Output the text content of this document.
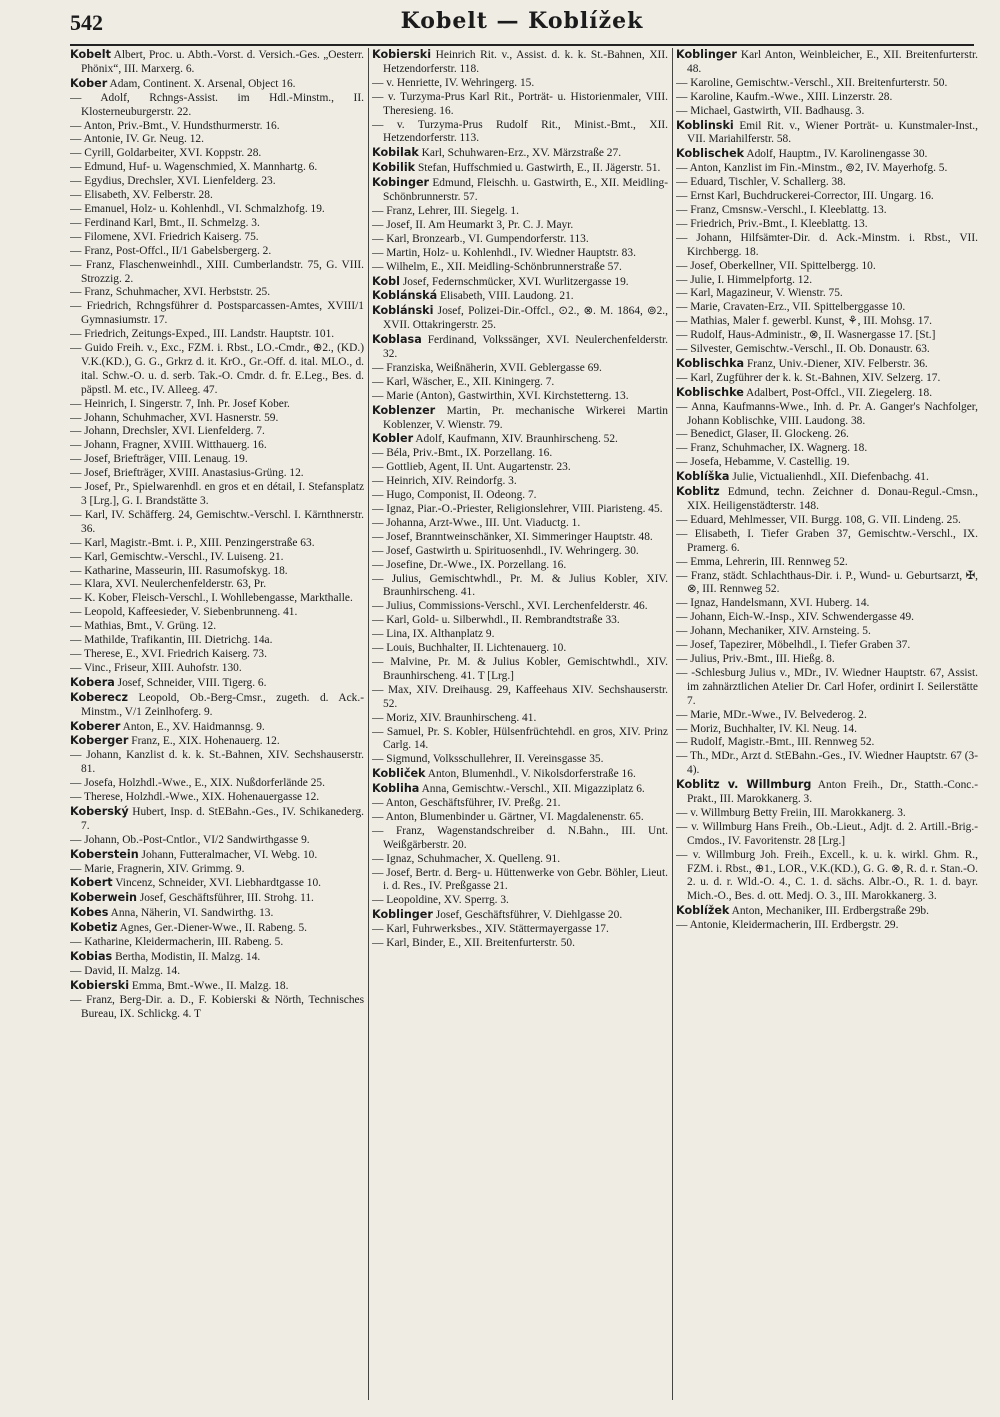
542	Kobelt — Koblížek

Kobelt Albert, Proc. u. Abth.-Vorst. d. Versich.-Ges. „Oesterr. Phönix“, III. Marxerg. 6.

Kober Adam, Continent. X. Arsenal, Object 16.

— Adolf, Rchngs-Assist. im Hdl.-Minstm., II. Klosterneuburgerstr. 22.

— Anton, Priv.-Bmt., V. Hundsthurmerstr. 16.

— Antonie, IV. Gr. Neug. 12.

— Cyrill, Goldarbeiter, XVI. Koppstr. 28.

— Edmund, Huf- u. Wagenschmied, X. Mannhartg. 6.

— Egydius, Drechsler, XVI. Lienfelderg. 23.

— Elisabeth, XV. Felberstr. 28.

— Emanuel, Holz- u. Kohlenhdl., VI. Schmalzhofg. 19.

— Ferdinand Karl, Bmt., II. Schmelzg. 3.

— Filomene, XVI. Friedrich Kaiserg. 75.

— Franz, Post-Offcl., II/1 Gabelsbergerg. 2.

— Franz, Flaschenweinhdl., XIII. Cumberlandstr. 75, G. VIII. Strozzig. 2.

— Franz, Schuhmacher, XVI. Herbststr. 25.

— Friedrich, Rchngsführer d. Postsparcassen-Amtes, XVIII/1 Gymnasiumstr. 17.

— Friedrich, Zeitungs-Exped., III. Landstr. Hauptstr. 101.

— Guido Freih. v., Exc., FZM. i. Rbst., LO.-Cmdr., ⊕2., (KD.) V.K.(KD.), G. G., Grkrz d. it. KrO., Gr.-Off. d. ital. MLO., d. ital. Schw.-O. u. d. serb. Tak.-O. Cmdr. d. fr. E.Leg., Bes. d. päpstl. M. etc., IV. Alleeg. 47.

— Heinrich, I. Singerstr. 7, Inh. Pr. Josef Kober.

— Johann, Schuhmacher, XVI. Hasnerstr. 59.

— Johann, Drechsler, XVI. Lienfelderg. 7.

— Johann, Fragner, XVIII. Witthauerg. 16.

— Josef, Briefträger, VIII. Lenaug. 19.

— Josef, Briefträger, XVIII. Anastasius-Grüng. 12.

— Josef, Pr., Spielwarenhdl. en gros et en détail, I. Stefansplatz 3 [Lrg.], G. I. Brandstätte 3.

— Karl, IV. Schäfferg. 24, Gemischtw.-Verschl. I. Kärnthnerstr. 36.

— Karl, Magistr.-Bmt. i. P., XIII. Penzingerstraße 63.

— Karl, Gemischtw.-Verschl., IV. Luiseng. 21.

— Katharine, Masseurin, III. Rasumofskyg. 18.

— Klara, XVI. Neulerchenfelderstr. 63, Pr.

— K. Kober, Fleisch-Verschl., I. Wohllebengasse, Markthalle.

— Leopold, Kaffeesieder, V. Siebenbrunneng. 41.

— Mathias, Bmt., V. Grüng. 12.

— Mathilde, Trafikantin, III. Dietrichg. 14a.

— Therese, E., XVI. Friedrich Kaiserg. 73.

— Vinc., Friseur, XIII. Auhofstr. 130.

Kobera Josef, Schneider, VIII. Tigerg. 6.

Koberecz Leopold, Ob.-Berg-Cmsr., zugeth. d. Ack.-Minstm., V/1 Zeinlhoferg. 9.

Koberer Anton, E., XV. Haidmannsg. 9.

Koberger Franz, E., XIX. Hohenauerg. 12.

— Johann, Kanzlist d. k. k. St.-Bahnen, XIV. Sechshauserstr. 81.

— Josefa, Holzhdl.-Wwe., E., XIX. Nußdorferlände 25.

— Therese, Holzhdl.-Wwe., XIX. Hohenauergasse 12.

Koberský Hubert, Insp. d. StEBahn.-Ges., IV. Schikanederg. 7.

— Johann, Ob.-Post-Cntlor., VI/2 Sandwirthgasse 9.

Koberstein Johann, Futteralmacher, VI. Webg. 10.

— Marie, Fragnerin, XIV. Grimmg. 9.

Kobert Vincenz, Schneider, XVI. Liebhardtgasse 10.

Koberwein Josef, Geschäftsführer, III. Strohg. 11.

Kobes Anna, Näherin, VI. Sandwirthg. 13.

Kobetiz Agnes, Ger.-Diener-Wwe., II. Rabeng. 5.

— Katharine, Kleidermacherin, III. Rabeng. 5.

Kobias Bertha, Modistin, II. Malzg. 14.

— David, II. Malzg. 14.

Kobierski Emma, Bmt.-Wwe., II. Malzg. 18.

— Franz, Berg-Dir. a. D., F. Kobierski & Nörth, Technisches Bureau, IX. Schlickg. 4. T

Kobierski Heinrich Rit. v., Assist. d. k. k. St.-Bahnen, XII. Hetzendorferstr. 118.

— v. Henriette, IV. Wehringerg. 15.

— v. Turzyma-Prus Karl Rit., Porträt- u. Historienmaler, VIII. Theresieng. 16.

— v. Turzyma-Prus Rudolf Rit., Minist.-Bmt., XII. Hetzendorferstr. 113.

Kobilak Karl, Schuhwaren-Erz., XV. Märzstraße 27.

Kobilik Stefan, Huffschmied u. Gastwirth, E., II. Jägerstr. 51.

Kobinger Edmund, Fleischh. u. Gastwirth, E., XII. Meidling-Schönbrunnerstr. 57.

— Franz, Lehrer, III. Siegelg. 1.

— Josef, II. Am Heumarkt 3, Pr. C. J. Mayr.

— Karl, Bronzearb., VI. Gumpendorferstr. 113.

— Martin, Holz- u. Kohlenhdl., IV. Wiedner Hauptstr. 83.

— Wilhelm, E., XII. Meidling-Schönbrunnerstraße 57.

Kobl Josef, Federnschmücker, XVI. Wurlitzergasse 19.

Koblánská Elisabeth, VIII. Laudong. 21.

Koblánski Josef, Polizei-Dir.-Offcl., ⊙2., ⊗. M. 1864, ⊚2., XVII. Ottakringerstr. 25.

Koblasa Ferdinand, Volkssänger, XVI. Neulerchenfelderstr. 32.

— Franziska, Weißnäherin, XVII. Geblergasse 69.

— Karl, Wäscher, E., XII. Kiningerg. 7.

— Marie (Anton), Gastwirthin, XVI. Kirchstetterng. 13.

Koblenzer Martin, Pr. mechanische Wirkerei Martin Koblenzer, V. Wienstr. 79.

Kobler Adolf, Kaufmann, XIV. Braunhirscheng. 52.

— Béla, Priv.-Bmt., IX. Porzellang. 16.

— Gottlieb, Agent, II. Unt. Augartenstr. 23.

— Heinrich, XIV. Reindorfg. 3.

— Hugo, Componist, II. Odeong. 7.

— Ignaz, Piar.-O.-Priester, Religionslehrer, VIII. Piaristeng. 45.

— Johanna, Arzt-Wwe., III. Unt. Viaductg. 1.

— Josef, Branntweinschänker, XI. Simmeringer Hauptstr. 48.

— Josef, Gastwirth u. Spirituosenhdl., IV. Wehringerg. 30.

— Josefine, Dr.-Wwe., IX. Porzellang. 16.

— Julius, Gemischtwhdl., Pr. M. & Julius Kobler, XIV. Braunhirscheng. 41.

— Julius, Commissions-Verschl., XVI. Lerchenfelderstr. 46.

— Karl, Gold- u. Silberwhdl., II. Rembrandtstraße 33.

— Lina, IX. Althanplatz 9.

— Louis, Buchhalter, II. Lichtenauerg. 10.

— Malvine, Pr. M. & Julius Kobler, Gemischtwhdl., XIV. Braunhirscheng. 41. T [Lrg.]

— Max, XIV. Dreihausg. 29, Kaffeehaus XIV. Sechshauserstr. 52.

— Moriz, XIV. Braunhirscheng. 41.

— Samuel, Pr. S. Kobler, Hülsenfrüchtehdl. en gros, XIV. Prinz Carlg. 14.

— Sigmund, Volksschullehrer, II. Vereinsgasse 35.

Kobliček Anton, Blumenhdl., V. Nikolsdorferstraße 16.

Kobliha Anna, Gemischtw.-Verschl., XII. Migazziplatz 6.

— Anton, Geschäftsführer, IV. Preßg. 21.

— Anton, Blumenbinder u. Gärtner, VI. Magdalenenstr. 65.

— Franz, Wagenstandschreiber d. N.Bahn., III. Unt. Weißgärberstr. 20.

— Ignaz, Schuhmacher, X. Quelleng. 91.

— Josef, Bertr. d. Berg- u. Hüttenwerke von Gebr. Böhler, Lieut. i. d. Res., IV. Preßgasse 21.

— Leopoldine, XV. Sperrg. 3.

Koblinger Josef, Geschäftsführer, V. Diehlgasse 20.

— Karl, Fuhrwerksbes., XIV. Stättermayergasse 17.

— Karl, Binder, E., XII. Breitenfurterstr. 50.

Koblinger Karl Anton, Weinbleicher, E., XII. Breitenfurterstr. 48.

— Karoline, Gemischtw.-Verschl., XII. Breitenfurterstr. 50.

— Karoline, Kaufm.-Wwe., XIII. Linzerstr. 28.

— Michael, Gastwirth, VII. Badhausg. 3.

Koblinski Emil Rit. v., Wiener Porträt- u. Kunstmaler-Inst., VII. Mariahilferstr. 58.

Koblischek Adolf, Hauptm., IV. Karolinengasse 30.

— Anton, Kanzlist im Fin.-Minstm., ⊚2, IV. Mayerhofg. 5.

— Eduard, Tischler, V. Schallerg. 38.

— Ernst Karl, Buchdruckerei-Corrector, III. Ungarg. 16.

— Franz, Cmsnsw.-Verschl., I. Kleeblattg. 13.

— Friedrich, Priv.-Bmt., I. Kleeblattg. 13.

— Johann, Hilfsämter-Dir. d. Ack.-Minstm. i. Rbst., VII. Kirchbergg. 18.

— Josef, Oberkellner, VII. Spittelbergg. 10.

— Julie, I. Himmelpfortg. 12.

— Karl, Magazineur, V. Wienstr. 75.

— Marie, Cravaten-Erz., VII. Spittelberggasse 10.

— Mathias, Maler f. gewerbl. Kunst, ⚘, III. Mohsg. 17.

— Rudolf, Haus-Administr., ⊗, II. Wasnergasse 17. [St.]

— Silvester, Gemischtw.-Verschl., II. Ob. Donaustr. 63.

Koblischka Franz, Univ.-Diener, XIV. Felberstr. 36.

— Karl, Zugführer der k. k. St.-Bahnen, XIV. Selzerg. 17.

Koblischke Adalbert, Post-Offcl., VII. Ziegelerg. 18.

— Anna, Kaufmanns-Wwe., Inh. d. Pr. A. Ganger's Nachfolger, Johann Koblischke, VIII. Laudong. 38.

— Benedict, Glaser, II. Glockeng. 26.

— Franz, Schuhmacher, IX. Wagnerg. 18.

— Josefa, Hebamme, V. Castellig. 19.

Koblíška Julie, Victualienhdl., XII. Diefenbachg. 41.

Koblitz Edmund, techn. Zeichner d. Donau-Regul.-Cmsn., XIX. Heiligenstädterstr. 148.

— Eduard, Mehlmesser, VII. Burgg. 108, G. VII. Lindeng. 25.

— Elisabeth, I. Tiefer Graben 37, Gemischtw.-Verschl., IX. Pramerg. 6.

— Emma, Lehrerin, III. Rennweg 52.

— Franz, städt. Schlachthaus-Dir. i. P., Wund- u. Geburtsarzt, ✠, ⊗, III. Rennweg 52.

— Ignaz, Handelsmann, XVI. Huberg. 14.

— Johann, Eich-W.-Insp., XIV. Schwendergasse 49.

— Johann, Mechaniker, XIV. Arnsteing. 5.

— Josef, Tapezirer, Möbelhdl., I. Tiefer Graben 37.

— Julius, Priv.-Bmt., III. Hießg. 8.

— -Schlesburg Julius v., MDr., IV. Wiedner Hauptstr. 67, Assist. im zahnärztlichen Atelier Dr. Carl Hofer, ordinirt I. Seilerstätte 7.

— Marie, MDr.-Wwe., IV. Belvederog. 2.

— Moriz, Buchhalter, IV. Kl. Neug. 14.

— Rudolf, Magistr.-Bmt., III. Rennweg 52.

— Th., MDr., Arzt d. StEBahn.-Ges., IV. Wiedner Hauptstr. 67 (3-4).

Koblitz v. Willmburg Anton Freih., Dr., Statth.-Conc.-Prakt., III. Marokkanerg. 3.

— v. Willmburg Betty Freiin, III. Marokkanerg. 3.

— v. Willmburg Hans Freih., Ob.-Lieut., Adjt. d. 2. Artill.-Brig.-Cmdos., IV. Favoritenstr. 28 [Lrg.]

— v. Willmburg Joh. Freih., Excell., k. u. k. wirkl. Ghm. R., FZM. i. Rbst., ⊕1., LOR., V.K.(KD.), G. G. ⊗, R. d. r. Stan.-O. 2. u. d. r. Wld.-O. 4., C. 1. d. sächs. Albr.-O., R. 1. d. bayr. Mich.-O., Bes. d. ott. Medj. O. 3., III. Marokkanerg. 3.

Koblížek Anton, Mechaniker, III. Erdbergstraße 29b.

— Antonie, Kleidermacherin, III. Erdbergstr. 29.
